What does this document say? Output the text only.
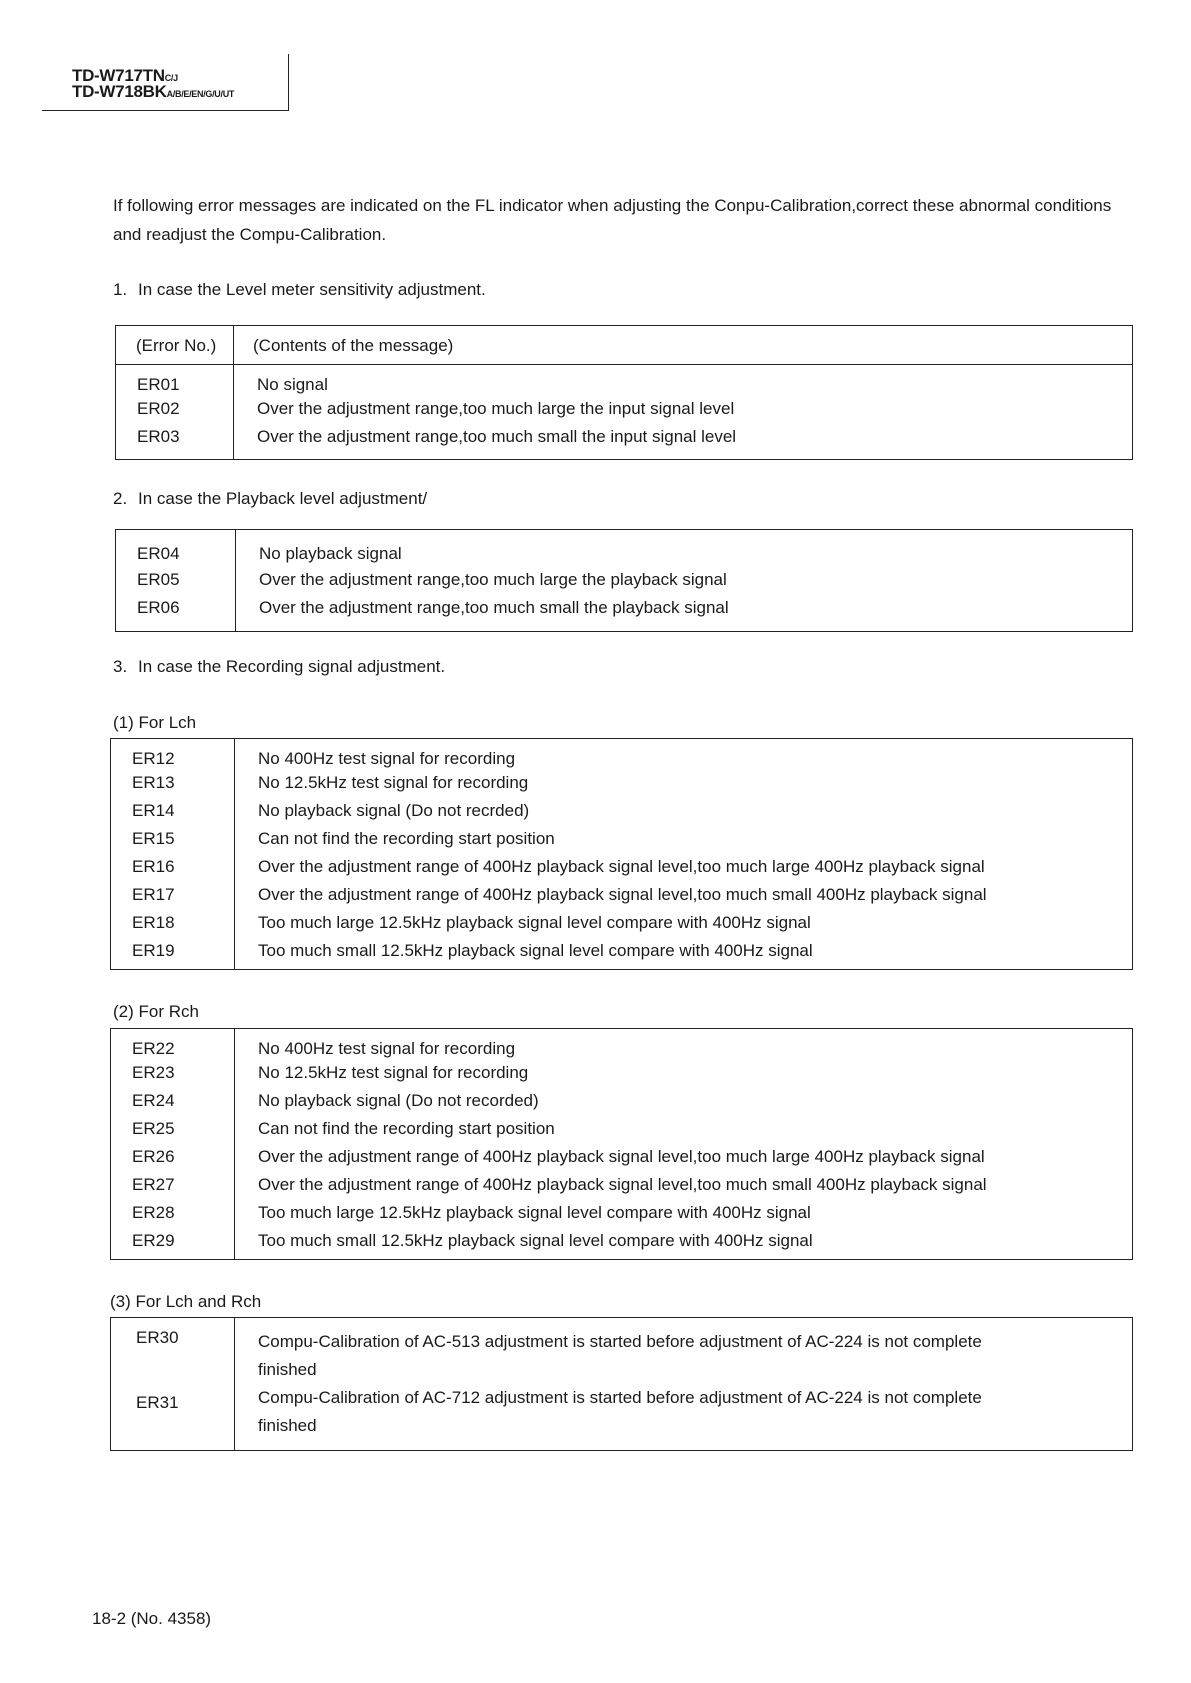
TD-W717TNC/J
TD-W718BKA/B/E/EN/G/U/UT
If following error messages are indicated on the FL indicator when adjusting the Conpu-Calibration,correct these abnormal conditions and readjust the Compu-Calibration.
1. In case the Level meter sensitivity adjustment.
(Error No.)	(Contents of the message)
ER01	No signal
ER02	Over the adjustment range,too much large the input signal level
ER03	Over the adjustment range,too much small the input signal level
2. In case the Playback level adjustment/
ER04	No playback signal
ER05	Over the adjustment range,too much large the playback signal
ER06	Over the adjustment range,too much small the playback signal
3. In case the Recording signal adjustment.
(1) For Lch
ER12	No 400Hz test signal for recording
ER13	No 12.5kHz test signal for recording
ER14	No playback signal (Do not recrded)
ER15	Can not find the recording start position
ER16	Over the adjustment range of 400Hz playback signal level,too much large 400Hz playback signal
ER17	Over the adjustment range of 400Hz playback signal level,too much small 400Hz playback signal
ER18	Too much large 12.5kHz playback signal level compare with 400Hz signal
ER19	Too much small 12.5kHz playback signal level compare with 400Hz signal
(2) For Rch
ER22	No 400Hz test signal for recording
ER23	No 12.5kHz test signal for recording
ER24	No playback signal (Do not recorded)
ER25	Can not find the recording start position
ER26	Over the adjustment range of 400Hz playback signal level,too much large 400Hz playback signal
ER27	Over the adjustment range of 400Hz playback signal level,too much small 400Hz playback signal
ER28	Too much large 12.5kHz playback signal level compare with 400Hz signal
ER29	Too much small 12.5kHz playback signal level compare with 400Hz signal
(3) For Lch and Rch
ER30	Compu-Calibration of AC-513 adjustment is started before adjustment of AC-224 is not complete
finished

ER31	Compu-Calibration of AC-712 adjustment is started before adjustment of AC-224 is not complete
finished
18-2 (No. 4358)
